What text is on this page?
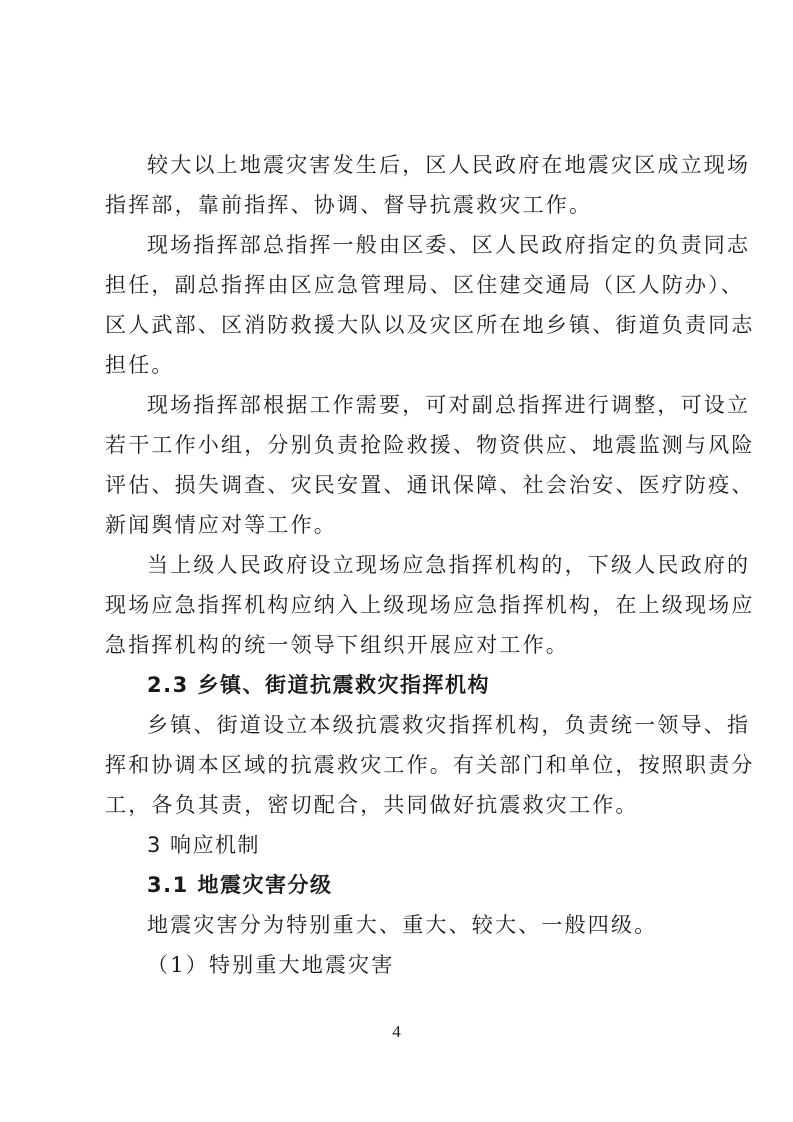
较大以上地震灾害发生后，区人民政府在地震灾区成立现场
指挥部，靠前指挥、协调、督导抗震救灾工作。
现场指挥部总指挥一般由区委、区人民政府指定的负责同志
担任，副总指挥由区应急管理局、区住建交通局（区人防办）、
区人武部、区消防救援大队以及灾区所在地乡镇、街道负责同志
担任。
现场指挥部根据工作需要，可对副总指挥进行调整，可设立
若干工作小组，分别负责抢险救援、物资供应、地震监测与风险
评估、损失调查、灾民安置、通讯保障、社会治安、医疗防疫、
新闻舆情应对等工作。
当上级人民政府设立现场应急指挥机构的，下级人民政府的
现场应急指挥机构应纳入上级现场应急指挥机构，在上级现场应
急指挥机构的统一领导下组织开展应对工作。
2.3 乡镇、街道抗震救灾指挥机构
乡镇、街道设立本级抗震救灾指挥机构，负责统一领导、指
挥和协调本区域的抗震救灾工作。有关部门和单位，按照职责分
工，各负其责，密切配合，共同做好抗震救灾工作。
3 响应机制
3.1 地震灾害分级
地震灾害分为特别重大、重大、较大、一般四级。
（1）特别重大地震灾害
4
